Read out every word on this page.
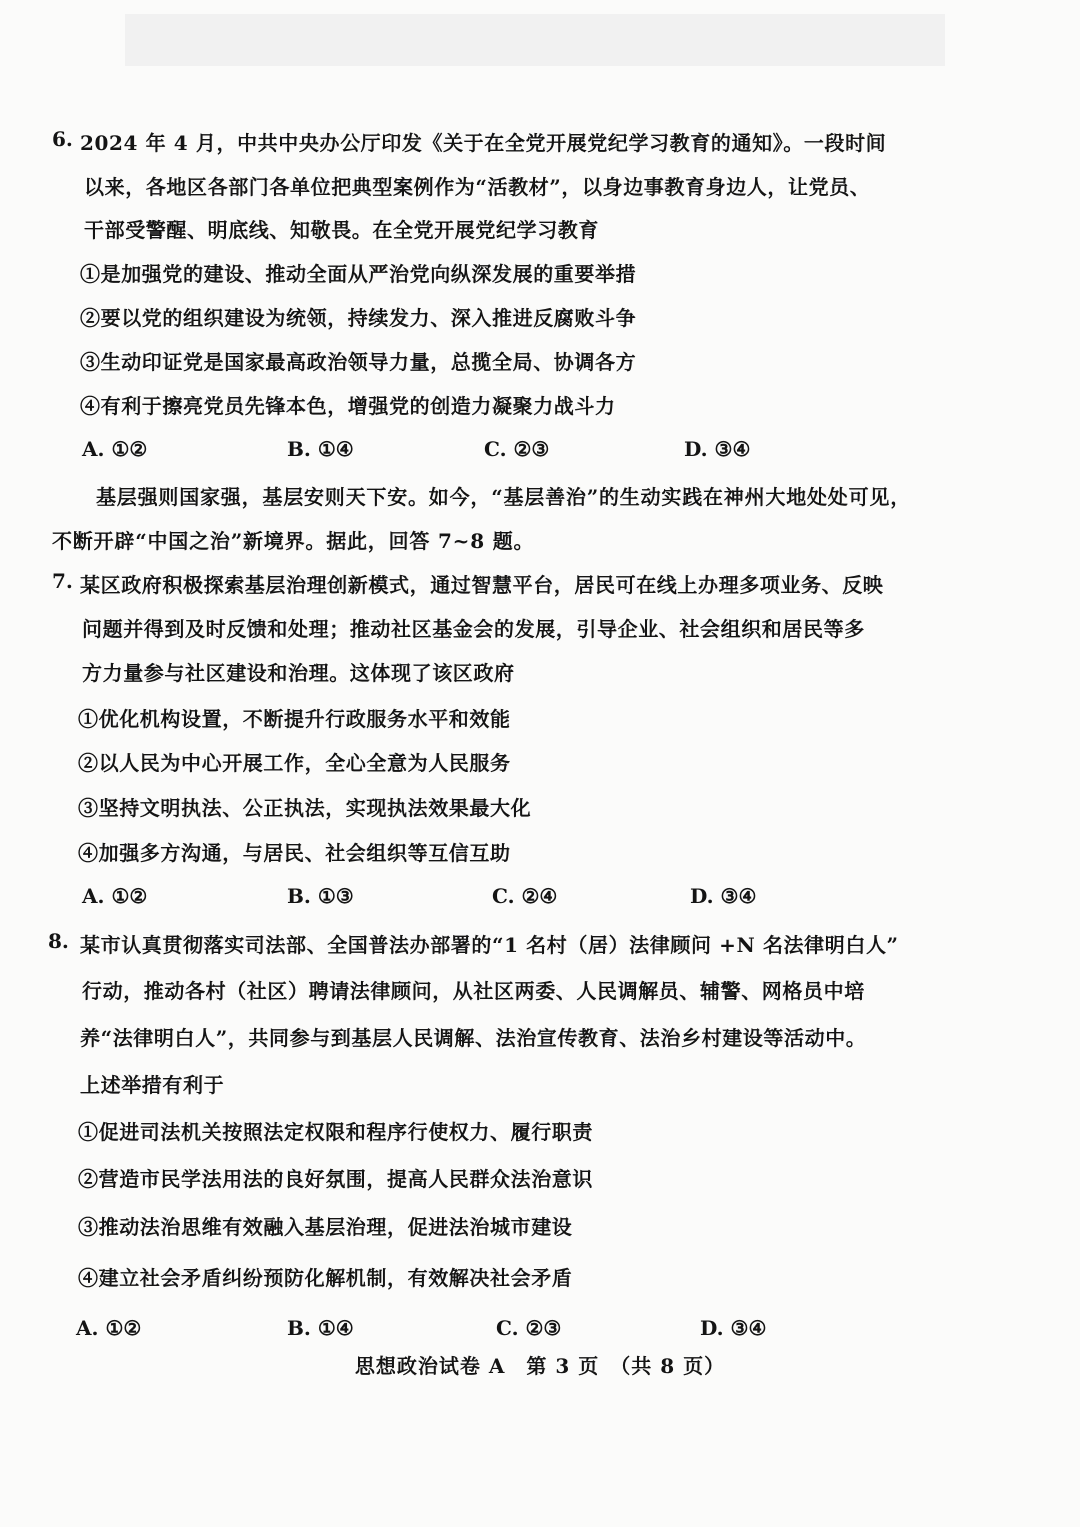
6. 2024 年 4 月，中共中央办公厅印发《关于在全党开展党纪学习教育的通知》。一段时间
以来，各地区各部门各单位把典型案例作为“活教材”，以身边事教育身边人，让党员、
干部受警醒、明底线、知敬畏。在全党开展党纪学习教育
①是加强党的建设、推动全面从严治党向纵深发展的重要举措
②要以党的组织建设为统领，持续发力、深入推进反腐败斗争
③生动印证党是国家最高政治领导力量，总揽全局、协调各方
④有利于擦亮党员先锋本色，增强党的创造力凝聚力战斗力
A. ①②	B. ①④	C. ②③	D. ③④
基层强则国家强，基层安则天下安。如今，“基层善治”的生动实践在神州大地处处可见，
不断开辟“中国之治”新境界。据此，回答 7~8 题。
7. 某区政府积极探索基层治理创新模式，通过智慧平台，居民可在线上办理多项业务、反映
问题并得到及时反馈和处理；推动社区基金会的发展，引导企业、社会组织和居民等多
方力量参与社区建设和治理。这体现了该区政府
①优化机构设置，不断提升行政服务水平和效能
②以人民为中心开展工作，全心全意为人民服务
③坚持文明执法、公正执法，实现执法效果最大化
④加强多方沟通，与居民、社会组织等互信互助
A. ①②	B. ①③	C. ②④	D. ③④
8. 某市认真贯彻落实司法部、全国普法办部署的“1 名村（居）法律顾问 +N 名法律明白人”
行动，推动各村（社区）聘请法律顾问，从社区两委、人民调解员、辅警、网格员中培
养“法律明白人”，共同参与到基层人民调解、法治宣传教育、法治乡村建设等活动中。
上述举措有利于
①促进司法机关按照法定权限和程序行使权力、履行职责
②营造市民学法用法的良好氛围，提高人民群众法治意识
③推动法治思维有效融入基层治理，促进法治城市建设
④建立社会矛盾纠纷预防化解机制，有效解决社会矛盾
A. ①②	B. ①④	C. ②③	D. ③④
思想政治试卷 A　第 3 页　（共 8 页）
